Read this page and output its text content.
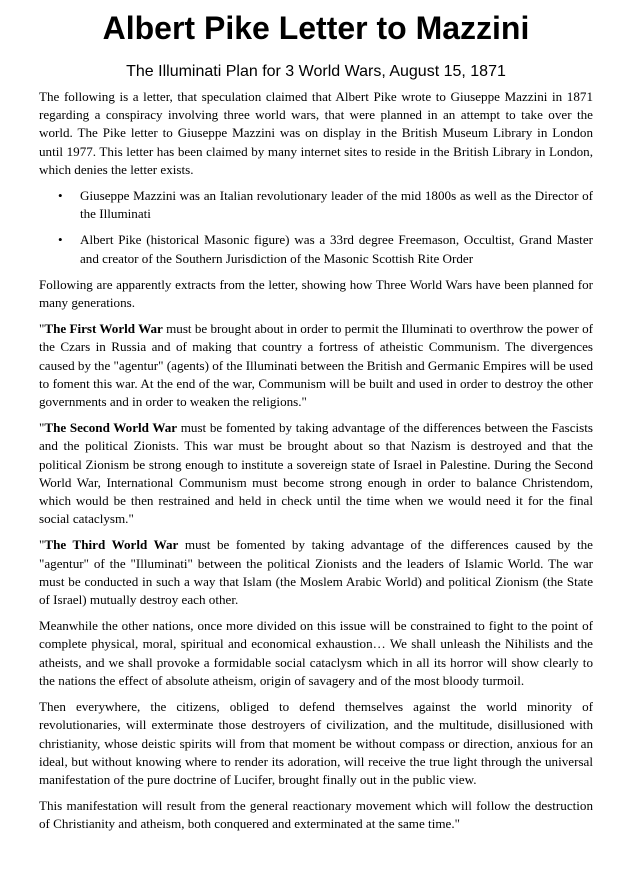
Albert Pike Letter to Mazzini
The Illuminati Plan for 3 World Wars, August 15, 1871

The following is a letter, that speculation claimed that Albert Pike wrote to Giuseppe Mazzini in 1871 regarding a conspiracy involving three world wars, that were planned in an attempt to take over the world. The Pike letter to Giuseppe Mazzini was on display in the British Museum Library in London until 1977. This letter has been claimed by many internet sites to reside in the British Library in London, which denies the letter exists.

• Giuseppe Mazzini was an Italian revolutionary leader of the mid 1800s as well as the Director of the Illuminati
• Albert Pike (historical Masonic figure) was a 33rd degree Freemason, Occultist, Grand Master and creator of the Southern Jurisdiction of the Masonic Scottish Rite Order

Following are apparently extracts from the letter, showing how Three World Wars have been planned for many generations.

"The First World War must be brought about in order to permit the Illuminati to overthrow the power of the Czars in Russia and of making that country a fortress of atheistic Communism. The divergences caused by the "agentur" (agents) of the Illuminati between the British and Germanic Empires will be used to foment this war. At the end of the war, Communism will be built and used in order to destroy the other governments and in order to weaken the religions."

"The Second World War must be fomented by taking advantage of the differences between the Fascists and the political Zionists. This war must be brought about so that Nazism is destroyed and that the political Zionism be strong enough to institute a sovereign state of Israel in Palestine. During the Second World War, International Communism must become strong enough in order to balance Christendom, which would be then restrained and held in check until the time when we would need it for the final social cataclysm."

"The Third World War must be fomented by taking advantage of the differences caused by the "agentur" of the "Illuminati" between the political Zionists and the leaders of Islamic World. The war must be conducted in such a way that Islam (the Moslem Arabic World) and political Zionism (the State of Israel) mutually destroy each other.

Meanwhile the other nations, once more divided on this issue will be constrained to fight to the point of complete physical, moral, spiritual and economical exhaustion… We shall unleash the Nihilists and the atheists, and we shall provoke a formidable social cataclysm which in all its horror will show clearly to the nations the effect of absolute atheism, origin of savagery and of the most bloody turmoil.

Then everywhere, the citizens, obliged to defend themselves against the world minority of revolutionaries, will exterminate those destroyers of civilization, and the multitude, disillusioned with christianity, whose deistic spirits will from that moment be without compass or direction, anxious for an ideal, but without knowing where to render its adoration, will receive the true light through the universal manifestation of the pure doctrine of Lucifer, brought finally out in the public view.

This manifestation will result from the general reactionary movement which will follow the destruction of Christianity and atheism, both conquered and exterminated at the same time."
